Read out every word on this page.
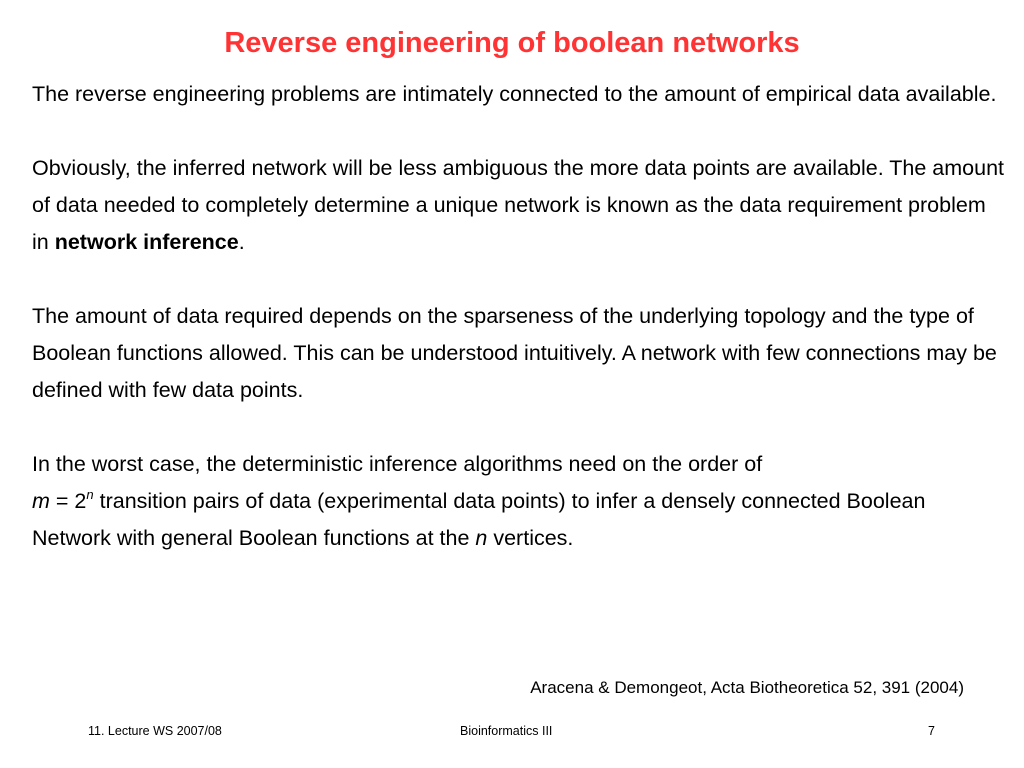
Reverse engineering of boolean networks

The reverse engineering problems are intimately connected to the amount of empirical data available.

Obviously, the inferred network will be less ambiguous the more data points are available. The amount of data needed to completely determine a unique network is known as the data requirement problem in network inference.

The amount of data required depends on the sparseness of the underlying topology and the type of Boolean functions allowed. This can be understood intuitively. A network with few connections may be defined with few data points.

In the worst case, the deterministic inference algorithms need on the order of
$m = 2^n$ transition pairs of data (experimental data points) to infer a densely connected Boolean Network with general Boolean functions at the n vertices.

Aracena & Demongeot, Acta Biotheoretica 52, 391 (2004)
11. Lecture WS 2007/08	Bioinformatics III	7
